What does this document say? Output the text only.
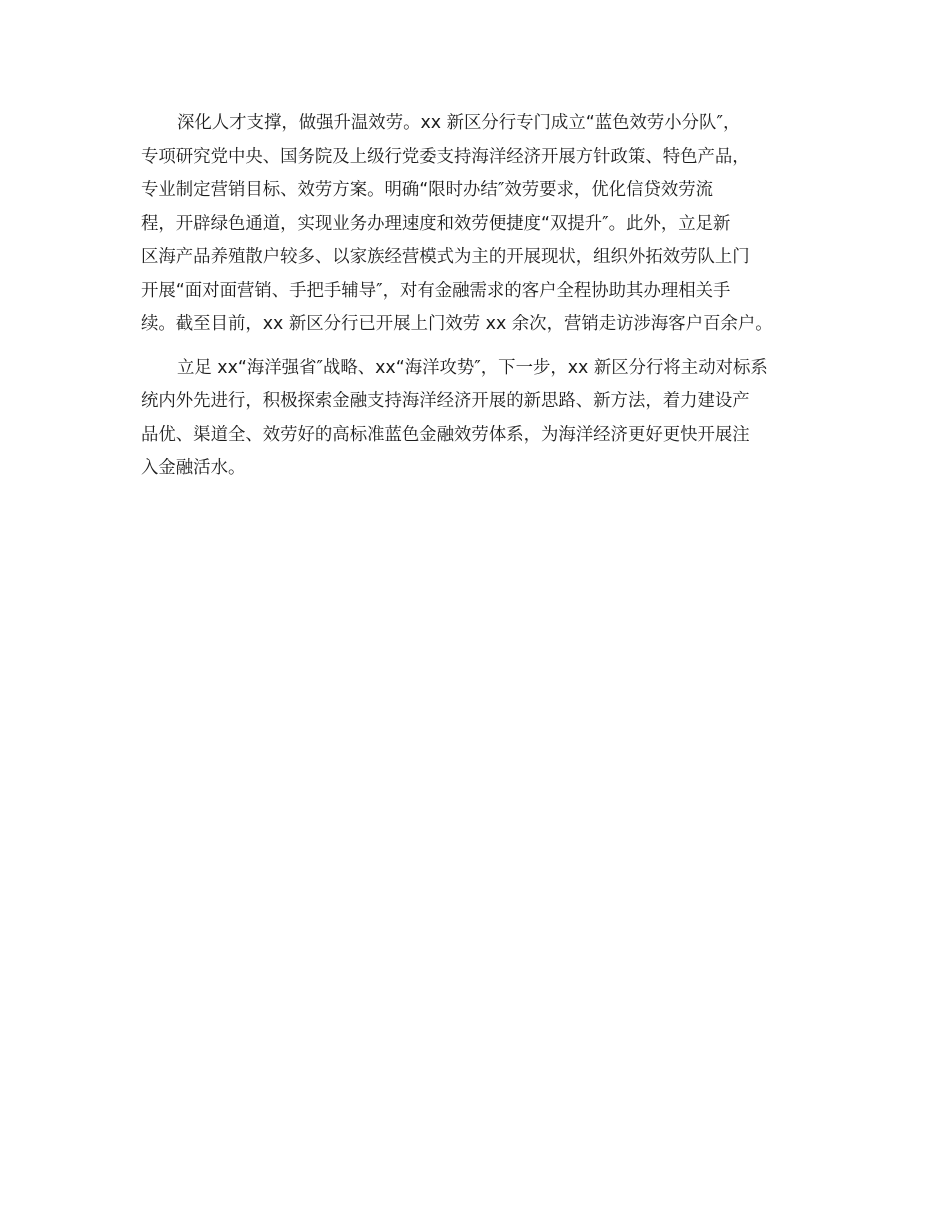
深化人才支撑，做强升温效劳。xx 新区分行专门成立“蓝色效劳小分队″，
专项研究党中央、国务院及上级行党委支持海洋经济开展方针政策、特色产品，
专业制定营销目标、效劳方案。明确“限时办结″效劳要求，优化信贷效劳流
程，开辟绿色通道，实现业务办理速度和效劳便捷度“双提升″。此外，立足新
区海产品养殖散户较多、以家族经营模式为主的开展现状，组织外拓效劳队上门
开展“面对面营销、手把手辅导″，对有金融需求的客户全程协助其办理相关手
续。截至目前，xx 新区分行已开展上门效劳 xx 余次，营销走访涉海客户百余户。

立足 xx“海洋强省″战略、xx“海洋攻势″，下一步，xx 新区分行将主动对标系
统内外先进行，积极探索金融支持海洋经济开展的新思路、新方法，着力建设产
品优、渠道全、效劳好的高标准蓝色金融效劳体系，为海洋经济更好更快开展注
入金融活水。
